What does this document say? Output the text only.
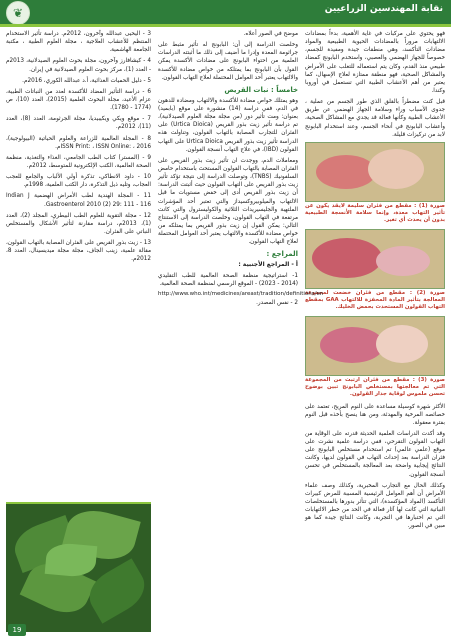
❦	نقابة المهندسين الزراعيين

فهو يحتوي على مركبات في غاية الأهمية، بدءاً بمضادات الالتهابات مروراً بالمضادات الحيوية الطبيعية والمواد مضادات التأكسد، وهي منطقات جيدة ومفيدة للجسم، خصوصاً للجهاز الهضمي والعصبي، واستخدم البابونج كمضاد طبيعي منذ القدم، وكان يتم استعماله للتغلب على الأمراض والمشاكل الصحية، فهو منطقة ممتازة لعلاج الإسهال، كما يعتبر من أهم الأعشاب الطبية التي تستعمل في أوروبا وكندا.

قبل كنت مضطراً بالقلق الذي طور الجسم من عملية ، جدوى الأسباب وراء وسلامة الجهاز الهضمي عن طريق الأعشاب الطبية وكأنها فعالة قد يجدي مع المشاكل الصحية، وأعشاب البابونج في أنحاء الجسم، وعند استخدام البابونج لابد من تركيزات قليلة.

صورة (1) : مقطع من فئران سليمة لايقد يكون عن تأثير التهاب معدة، وإنما سلامة الأنسجة الطبيعية بدون أن يحدث أي تغير.
صورة (2) : مقطع من فئران خضعت لمجموعة المعالجة بتأثير المادة المحفزة للالتهاب GAA بمقطع التهاب القولون المستحدث بحمض الخليك.
صورة (3) : مقطع من فئران ارتبت من المجموعة التي تم معالجتها بمستخلص البابونج تبين بوضوح تحسن ملموس لوقاية جدار القولون.

الأكثر شهرة كوسيلة مساعدة على النوم المريح، تعتمد على خصائصه المرخية والمهدئة، ومن هنا ينصح بأخذه قبل النوم بفترة معقولة.

وقد أكدت الدراسات العلمية الحديثة قدرته على الوقاية من التهاب القولون التقرحي، ففي دراسة علمية نشرت على موقع (علمي عالمي) تم استخدام مستخلص البابونج على فئران الدراسة بعد إحداث التهاب في القولون لديها، وكانت النتائج إيجابية واضحة بعد المعالجة بالمستخلص في تحسن أنسجة القولون.

وكذلك الحال مع التجارب المخبرية، وكذلك وصف علماء الأمراض أن أهم العوامل الرئيسية المسببة للمرض كبيرات التأكسد (المواد المؤكسدة)، التي تتأثر بدورها بالمستخلصات النباتية التي كانت لها آثار فعالة في الحد من خطر الالتهابات التي تم اختبارها في التجربة، وكانت النتائج جيدة كما هو مبين في الصور.

موضح في الصور أعلاه.

وخلصت الدراسة إلى أن: البابونج له تأثير مثبط على جراثومة المعدة وإدرا ما أضيف إلى ذلك ما أثبتته الدراسات العلمية من احتواء البابونج على مضادات الأكسدة يمكن القول بأن البابونج بما يمتلكه من خواص مضادة للأكسدة والالتهاب يعتبر أحد العوامل المحتملة لعلاج التهاب القولون.

خامساً : نبات القريص

وهو يمتلك خواص مضادة للأكسدة والالتهاب ومضادة للدهون في الدم، ففي دراسة (14) منشورة على موقع (بابميد) بعنوان: ومت تأثير دور (من مجلة مجلة العلوم الصيدلانية)، تم دراسة تأثير زيت بذور القريص (Urtica Dioica) على الفئران للتجارب المصابة بالتهاب القولون، وتناولت هذه الدراسة تأثير زيت بذور القريص Urtica Dioica على التهاب القولون (IBD)، في علاج التهاب أنسجة القولون.

ومعاملات الدم، ووجدت ان تأثير زيت بذور القريص على الفئران المصابة بالتهاب القولون المستحث باستخدام حامض السلفونيك (TNBS)، وتوصلت الدراسة إلى نتيجة تؤكد تأثير زيت بذور القريص على التهاب القولون حيث أثبتت الدراسة: أن زيت بذور القريص أدى إلى خفض مستويات ما قبل الالتهاب والميلوبيروكسيداز والتي تعتبر أحد المؤشرات الملتهبة والجليسيريدات الثلاثية والكوليسترول والتي كانت مرتفعة في التهاب القولون، وخلصت الدراسة إلى الاستنتاج التالي: يمكن القول إن زيت بذور القريص بما يمتلكه من خواص مضادة للأكسدة والالتهاب يعتبر أحد العوامل المحتملة لعلاج التهاب القولون.

المراجع :
أ - المراجع الأجنبية :

1- استراتيجية منظمة الصحة العالمية للطب التقليدي (2014 - 2023) - الموقع الرسمي لمنظمة الصحة العالمية.

http://www.who.int/medicines/areast/tradition/definitions/en

2 - نفس المصدر.

3 - اليحيى عبدالله وآخرون، 2012م. دراسة تأثير الاستخدام المنتظم للأعشاب العلاجية ، مجلة العلوم الطبية ، مكتبة الجامعة الهاشمية.

4 - كيشافارز وآخرون، مجلة بحوث العلوم الصيدلانية، 2013م - العدد (1)، مركز بحوث العلوم الصيدلانية في إيران.

5 - دليل الحميات الغذائية، أ.د عبدالله الكوري، 2016م.

6 - دراسة التأثير المضاد للأكسدة لعدد من النباتات الطبية، عزام الأعيد، مجلة البحوث العلمية (2015)، العدد (10)، ص (1774 - 1780).

7 - موقع ويكي ويكيبيديا، مجلة الجرثومة، العدد (8)، العدد (11)، 2012م.

8 - المجلة العالمية للزراعة والعلوم الحياتية (البيولوجية)، ISSN Print: ، ISSN Online: ، 2016م.

9 - (المستر) كتاب الطب الجامعي، الغذاء والتغذية، منظمة الصحة العالمية، الكتب الإلكترونية للمتوسط، 2012م.

10 - داود الانطاكي، تذكرة أولي الألباب والجامع للعجب العجاب، وتليه ذيل التذكرة، دار الكتب العلمية، 1998م.

11 - المجلة الهندية لطب الأمراض الهضمية Indian J Gastroenterol 2010 (2) 29: 111 - 116.

12 - مجلة التقوية للعلوم الطب البيطري، المجلد (2)، العدد (1)، 2013م، دراسة مقارنة لتأثير الأشكال والمستخلص النباتي على الفئران.

13 - زيت بذور القريص على الفئران المصابة بالتهاب القولون، مقالة علمية، زينب الجاف، مجلة مجلة ميديسينال، العدد 8، 2012م.

19
